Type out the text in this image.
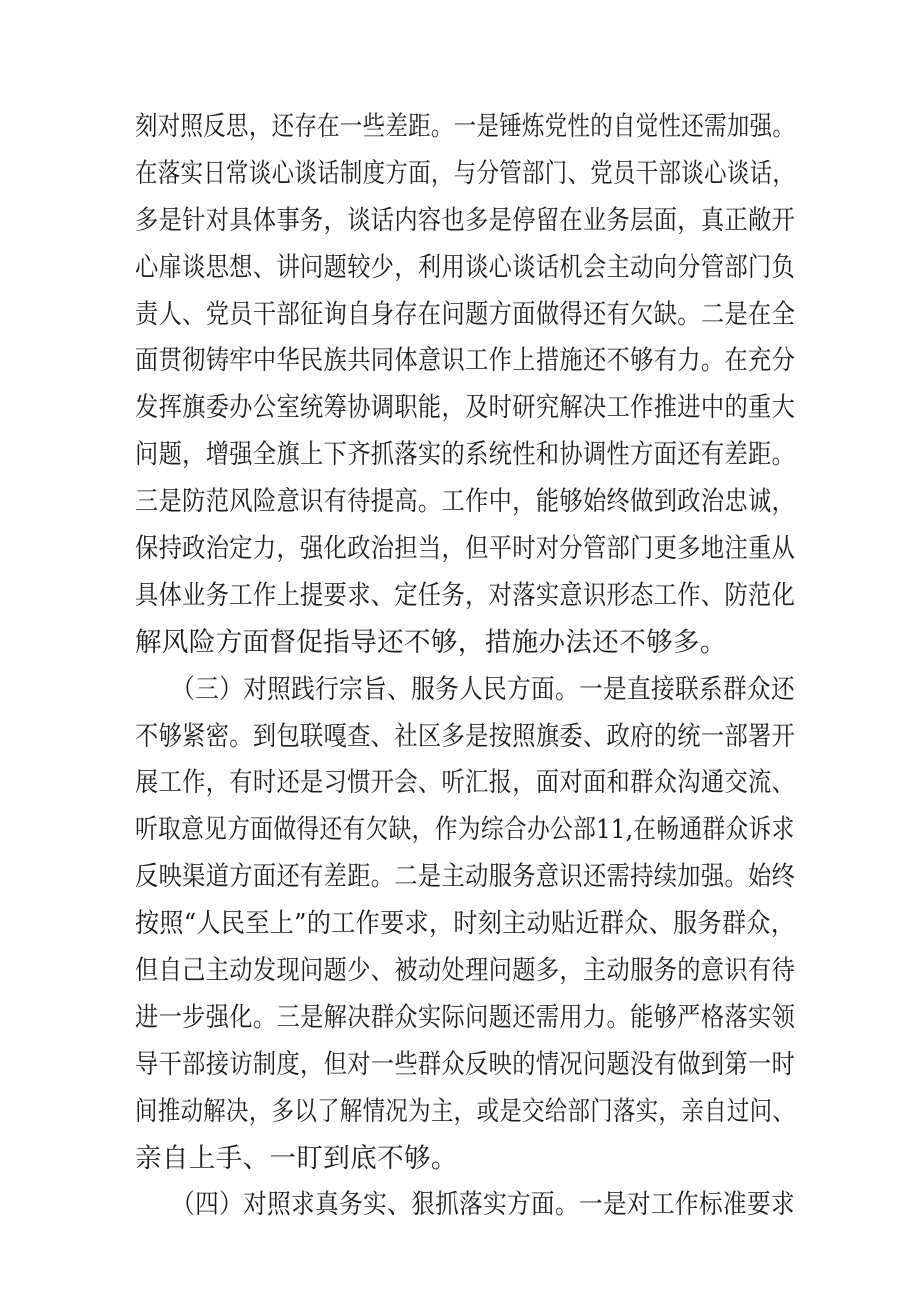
刻对照反思，还存在一些差距。一是锤炼党性的自觉性还需加强。
在落实日常谈心谈话制度方面，与分管部门、党员干部谈心谈话，
多是针对具体事务，谈话内容也多是停留在业务层面，真正敞开
心扉谈思想、讲问题较少，利用谈心谈话机会主动向分管部门负
责人、党员干部征询自身存在问题方面做得还有欠缺。二是在全
面贯彻铸牢中华民族共同体意识工作上措施还不够有力。在充分
发挥旗委办公室统筹协调职能，及时研究解决工作推进中的重大
问题，增强全旗上下齐抓落实的系统性和协调性方面还有差距。
三是防范风险意识有待提高。工作中，能够始终做到政治忠诚，
保持政治定力，强化政治担当，但平时对分管部门更多地注重从
具体业务工作上提要求、定任务，对落实意识形态工作、防范化
解风险方面督促指导还不够，措施办法还不够多。
　　（三）对照践行宗旨、服务人民方面。一是直接联系群众还
不够紧密。到包联嘎查、社区多是按照旗委、政府的统一部署开
展工作，有时还是习惯开会、听汇报，面对面和群众沟通交流、
听取意见方面做得还有欠缺，作为综合办公部11,在畅通群众诉求
反映渠道方面还有差距。二是主动服务意识还需持续加强。始终
按照“人民至上”的工作要求，时刻主动贴近群众、服务群众，
但自己主动发现问题少、被动处理问题多，主动服务的意识有待
进一步强化。三是解决群众实际问题还需用力。能够严格落实领
导干部接访制度，但对一些群众反映的情况问题没有做到第一时
间推动解决，多以了解情况为主，或是交给部门落实，亲自过问、
亲自上手、一盯到底不够。
　　（四）对照求真务实、狠抓落实方面。一是对工作标准要求
